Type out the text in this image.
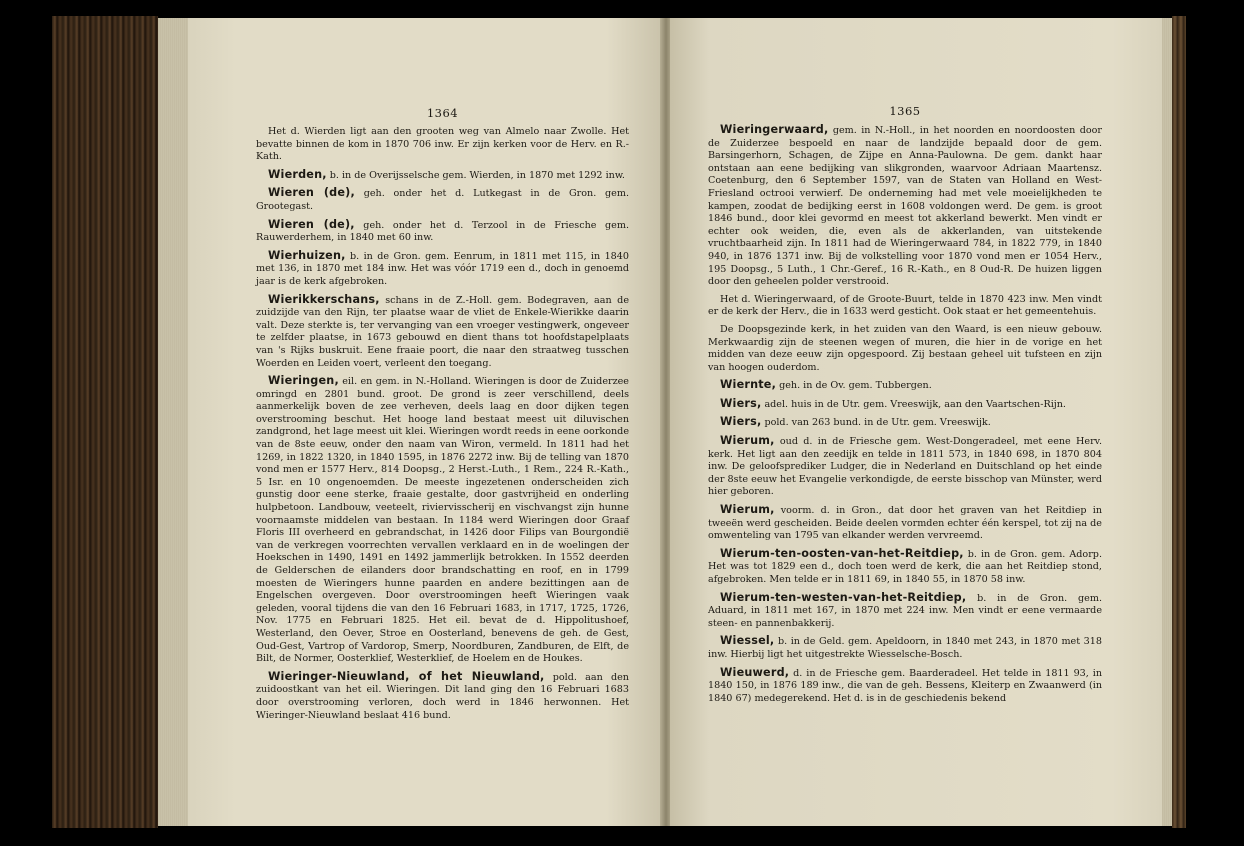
1364

Het d. Wierden ligt aan den grooten weg van Almelo naar Zwolle. Het bevatte binnen de kom in 1870 706 inw. Er zijn kerken voor de Herv. en R.-Kath.

Wierden, b. in de Overijsselsche gem. Wierden, in 1870 met 1292 inw.

Wieren (de), geh. onder het d. Lutkegast in de Gron. gem. Grootegast.

Wieren (de), geh. onder het d. Terzool in de Friesche gem. Rauwerderhem, in 1840 met 60 inw.

Wierhuizen, b. in de Gron. gem. Eenrum, in 1811 met 115, in 1840 met 136, in 1870 met 184 inw. Het was vóór 1719 een d., doch in genoemd jaar is de kerk afgebroken.

Wierikkerschans, schans in de Z.-Holl. gem. Bodegraven, aan de zuidzijde van den Rijn, ter plaatse waar de vliet de Enkele-Wierikke daarin valt. Deze sterkte is, ter vervanging van een vroeger vestingwerk, ongeveer te zelfder plaatse, in 1673 gebouwd en dient thans tot hoofdstapelplaats van 's Rijks buskruit. Eene fraaie poort, die naar den straatweg tusschen Woerden en Leiden voert, verleent den toegang.

Wieringen, eil. en gem. in N.-Holland. Wieringen is door de Zuiderzee omringd en 2801 bund. groot. De grond is zeer verschillend, deels aanmerkelijk boven de zee verheven, deels laag en door dijken tegen overstrooming beschut. Het hooge land bestaat meest uit diluvischen zandgrond, het lage meest uit klei. Wieringen wordt reeds in eene oorkonde van de 8ste eeuw, onder den naam van Wiron, vermeld. In 1811 had het 1269, in 1822 1320, in 1840 1595, in 1876 2272 inw. Bij de telling van 1870 vond men er 1577 Herv., 814 Doopsg., 2 Herst.-Luth., 1 Rem., 224 R.-Kath., 5 Isr. en 10 ongenoemden. De meeste ingezetenen onderscheiden zich gunstig door eene sterke, fraaie gestalte, door gastvrijheid en onderling hulpbetoon. Landbouw, veeteelt, riviervisscherij en vischvangst zijn hunne voornaamste middelen van bestaan. In 1184 werd Wieringen door Graaf Floris III overheerd en gebrandschat, in 1426 door Filips van Bourgondië van de verkregen voorrechten vervallen verklaard en in de woelingen der Hoekschen in 1490, 1491 en 1492 jammerlijk betrokken. In 1552 deerden de Gelderschen de eilanders door brandschatting en roof, en in 1799 moesten de Wieringers hunne paarden en andere bezittingen aan de Engelschen overgeven. Door overstroomingen heeft Wieringen vaak geleden, vooral tijdens die van den 16 Februari 1683, in 1717, 1725, 1726, Nov. 1775 en Februari 1825. Het eil. bevat de d. Hippolitushoef, Westerland, den Oever, Stroe en Oosterland, benevens de geh. de Gest, Oud-Gest, Vartrop of Vardorop, Smerp, Noordburen, Zandburen, de Elft, de Bilt, de Normer, Oosterklief, Westerklief, de Hoelem en de Houkes.

Wieringer-Nieuwland, of het Nieuwland, pold. aan den zuidoostkant van het eil. Wieringen. Dit land ging den 16 Februari 1683 door overstrooming verloren, doch werd in 1846 herwonnen. Het Wieringer-Nieuwland beslaat 416 bund.

1365

Wieringerwaard, gem. in N.-Holl., in het noorden en noordoosten door de Zuiderzee bespoeld en naar de landzijde bepaald door de gem. Barsingerhorn, Schagen, de Zijpe en Anna-Paulowna. De gem. dankt haar ontstaan aan eene bedijking van slikgronden, waarvoor Adriaan Maartensz. Coetenburg, den 6 September 1597, van de Staten van Holland en West-Friesland octrooi verwierf. De onderneming had met vele moeielijkheden te kampen, zoodat de bedijking eerst in 1608 voldongen werd. De gem. is groot 1846 bund., door klei gevormd en meest tot akkerland bewerkt. Men vindt er echter ook weiden, die, even als de akkerlanden, van uitstekende vruchtbaarheid zijn. In 1811 had de Wieringerwaard 784, in 1822 779, in 1840 940, in 1876 1371 inw. Bij de volkstelling voor 1870 vond men er 1054 Herv., 195 Doopsg., 5 Luth., 1 Chr.-Geref., 16 R.-Kath., en 8 Oud-R. De huizen liggen door den geheelen polder verstrooid.

Het d. Wieringerwaard, of de Groote-Buurt, telde in 1870 423 inw. Men vindt er de kerk der Herv., die in 1633 werd gesticht. Ook staat er het gemeentehuis.

De Doopsgezinde kerk, in het zuiden van den Waard, is een nieuw gebouw. Merkwaardig zijn de steenen wegen of muren, die hier in de vorige en het midden van deze eeuw zijn opgespoord. Zij bestaan geheel uit tufsteen en zijn van hoogen ouderdom.

Wiernte, geh. in de Ov. gem. Tubbergen.

Wiers, adel. huis in de Utr. gem. Vreeswijk, aan den Vaartschen-Rijn.

Wiers, pold. van 263 bund. in de Utr. gem. Vreeswijk.

Wierum, oud d. in de Friesche gem. West-Dongeradeel, met eene Herv. kerk. Het ligt aan den zeedijk en telde in 1811 573, in 1840 698, in 1870 804 inw. De geloofsprediker Ludger, die in Nederland en Duitschland op het einde der 8ste eeuw het Evangelie verkondigde, de eerste bisschop van Münster, werd hier geboren.

Wierum, voorm. d. in Gron., dat door het graven van het Reitdiep in tweeën werd gescheiden. Beide deelen vormden echter één kerspel, tot zij na de omwenteling van 1795 van elkander werden vervreemd.

Wierum-ten-oosten-van-het-Reitdiep, b. in de Gron. gem. Adorp. Het was tot 1829 een d., doch toen werd de kerk, die aan het Reitdiep stond, afgebroken. Men telde er in 1811 69, in 1840 55, in 1870 58 inw.

Wierum-ten-westen-van-het-Reitdiep, b. in de Gron. gem. Aduard, in 1811 met 167, in 1870 met 224 inw. Men vindt er eene vermaarde steen- en pannenbakkerij.

Wiessel, b. in de Geld. gem. Apeldoorn, in 1840 met 243, in 1870 met 318 inw. Hierbij ligt het uitgestrekte Wiesselsche-Bosch.

Wieuwerd, d. in de Friesche gem. Baarderadeel. Het telde in 1811 93, in 1840 150, in 1876 189 inw., die van de geh. Bessens, Kleiterp en Zwaanwerd (in 1840 67) medegerekend. Het d. is in de geschiedenis bekend
